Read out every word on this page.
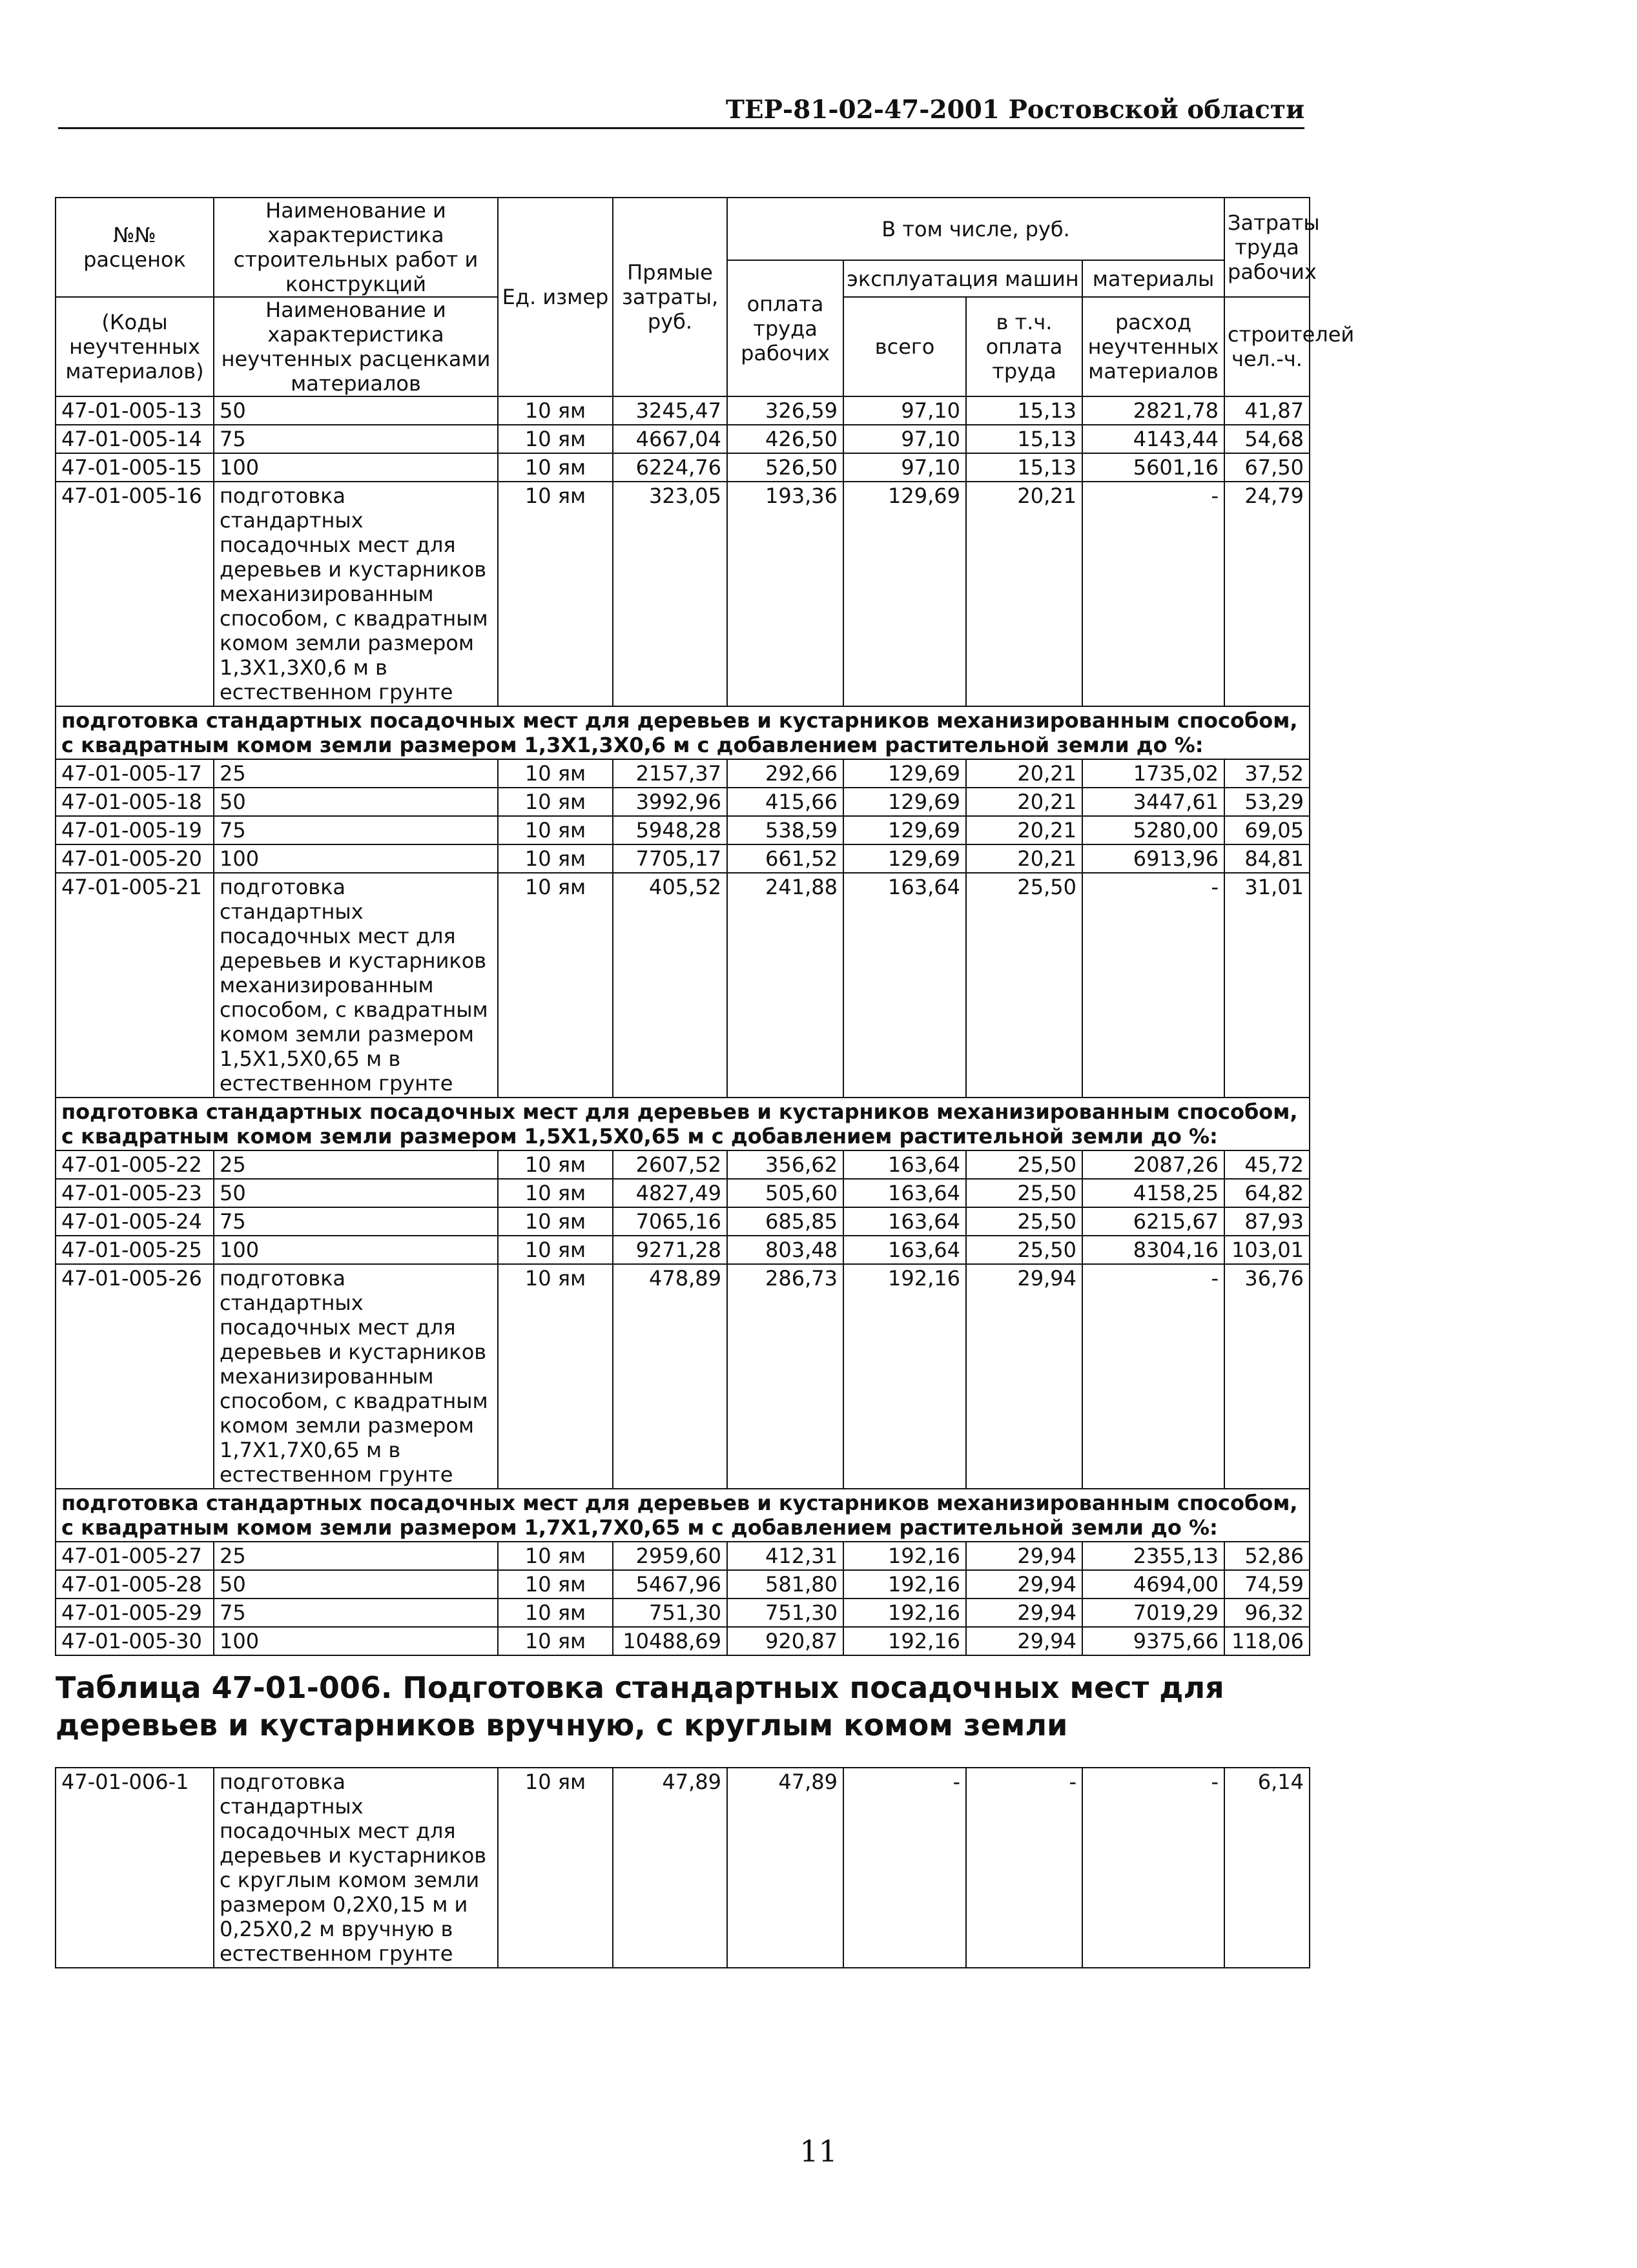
ТЕР-81-02-47-2001 Ростовской области
№№ расценок	Наименование и характеристика строительных работ и конструкций	Ед. измер	Прямые затраты, руб.	В том числе, руб.				Затраты труда рабочих
				оплата труда рабочих	эксплуатация машин		материалы	
(Коды неучтенных материалов)	Наименование и характеристика неучтенных расценками материалов				всего	в т.ч. оплата труда	расход неучтенных материалов	строителей чел.-ч.

47-01-005-13	50	10 ям	3245,47	326,59	97,10	15,13	2821,78	41,87
47-01-005-14	75	10 ям	4667,04	426,50	97,10	15,13	4143,44	54,68
47-01-005-15	100	10 ям	6224,76	526,50	97,10	15,13	5601,16	67,50
47-01-005-16	подготовка стандартных посадочных мест для деревьев и кустарников механизированным способом, с квадратным комом земли размером 1,3Х1,3Х0,6 м в естественном грунте	10 ям	323,05	193,36	129,69	20,21	-	24,79
подготовка стандартных посадочных мест для деревьев и кустарников механизированным способом, с квадратным комом земли размером 1,3Х1,3Х0,6 м с добавлением растительной земли до %:								
47-01-005-17	25	10 ям	2157,37	292,66	129,69	20,21	1735,02	37,52
47-01-005-18	50	10 ям	3992,96	415,66	129,69	20,21	3447,61	53,29
47-01-005-19	75	10 ям	5948,28	538,59	129,69	20,21	5280,00	69,05
47-01-005-20	100	10 ям	7705,17	661,52	129,69	20,21	6913,96	84,81
47-01-005-21	подготовка стандартных посадочных мест для деревьев и кустарников механизированным способом, с квадратным комом земли размером 1,5Х1,5Х0,65 м в естественном грунте	10 ям	405,52	241,88	163,64	25,50	-	31,01
подготовка стандартных посадочных мест для деревьев и кустарников механизированным способом, с квадратным комом земли размером 1,5Х1,5Х0,65 м с добавлением растительной земли до %:								
47-01-005-22	25	10 ям	2607,52	356,62	163,64	25,50	2087,26	45,72
47-01-005-23	50	10 ям	4827,49	505,60	163,64	25,50	4158,25	64,82
47-01-005-24	75	10 ям	7065,16	685,85	163,64	25,50	6215,67	87,93
47-01-005-25	100	10 ям	9271,28	803,48	163,64	25,50	8304,16	103,01
47-01-005-26	подготовка стандартных посадочных мест для деревьев и кустарников механизированным способом, с квадратным комом земли размером 1,7Х1,7Х0,65 м в естественном грунте	10 ям	478,89	286,73	192,16	29,94	-	36,76
подготовка стандартных посадочных мест для деревьев и кустарников механизированным способом, с квадратным комом земли размером 1,7Х1,7Х0,65 м с добавлением растительной земли до %:								
47-01-005-27	25	10 ям	2959,60	412,31	192,16	29,94	2355,13	52,86
47-01-005-28	50	10 ям	5467,96	581,80	192,16	29,94	4694,00	74,59
47-01-005-29	75	10 ям	751,30	751,30	192,16	29,94	7019,29	96,32
47-01-005-30	100	10 ям	10488,69	920,87	192,16	29,94	9375,66	118,06
Таблица 47-01-006. Подготовка стандартных посадочных мест для деревьев и кустарников вручную, с круглым комом земли								
47-01-006-1	подготовка стандартных посадочных мест для деревьев и кустарников с круглым комом земли размером 0,2Х0,15 м и 0,25Х0,2 м вручную в естественном грунте	10 ям	47,89	47,89	-	-	-	6,14
11
